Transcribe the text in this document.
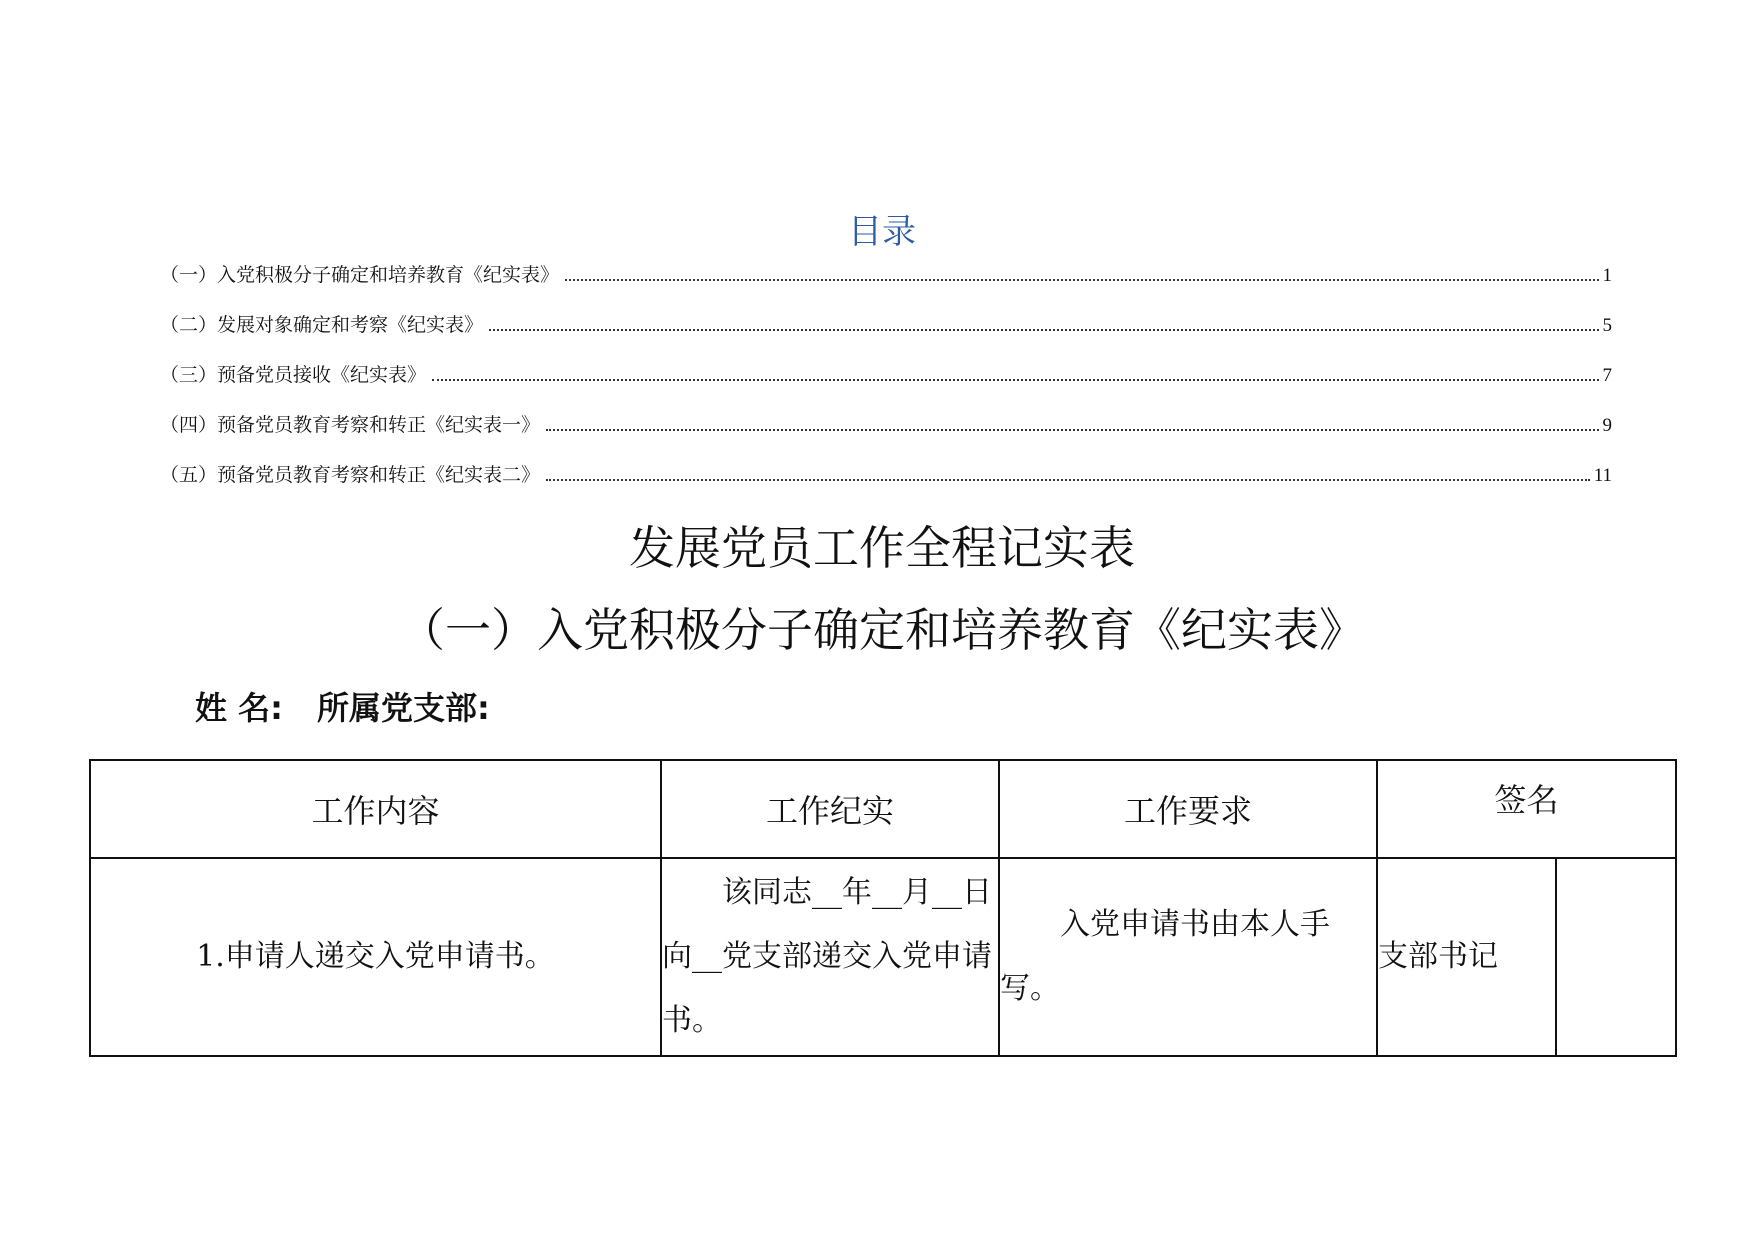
目录
（一）入党积极分子确定和培养教育《纪实表》	1
（二）发展对象确定和考察《纪实表》	5
（三）预备党员接收《纪实表》	7
（四）预备党员教育考察和转正《纪实表一》	9
（五）预备党员教育考察和转正《纪实表二》	11
发展党员工作全程记实表
（一）入党积极分子确定和培养教育《纪实表》
姓 名: 所属党支部:
工作内容	工作纪实	工作要求	签名	
1.申请人递交入党申请书。	该同志__年__月__日向__党支部递交入党申请书。	入党申请书由本人手写。	支部书记	
